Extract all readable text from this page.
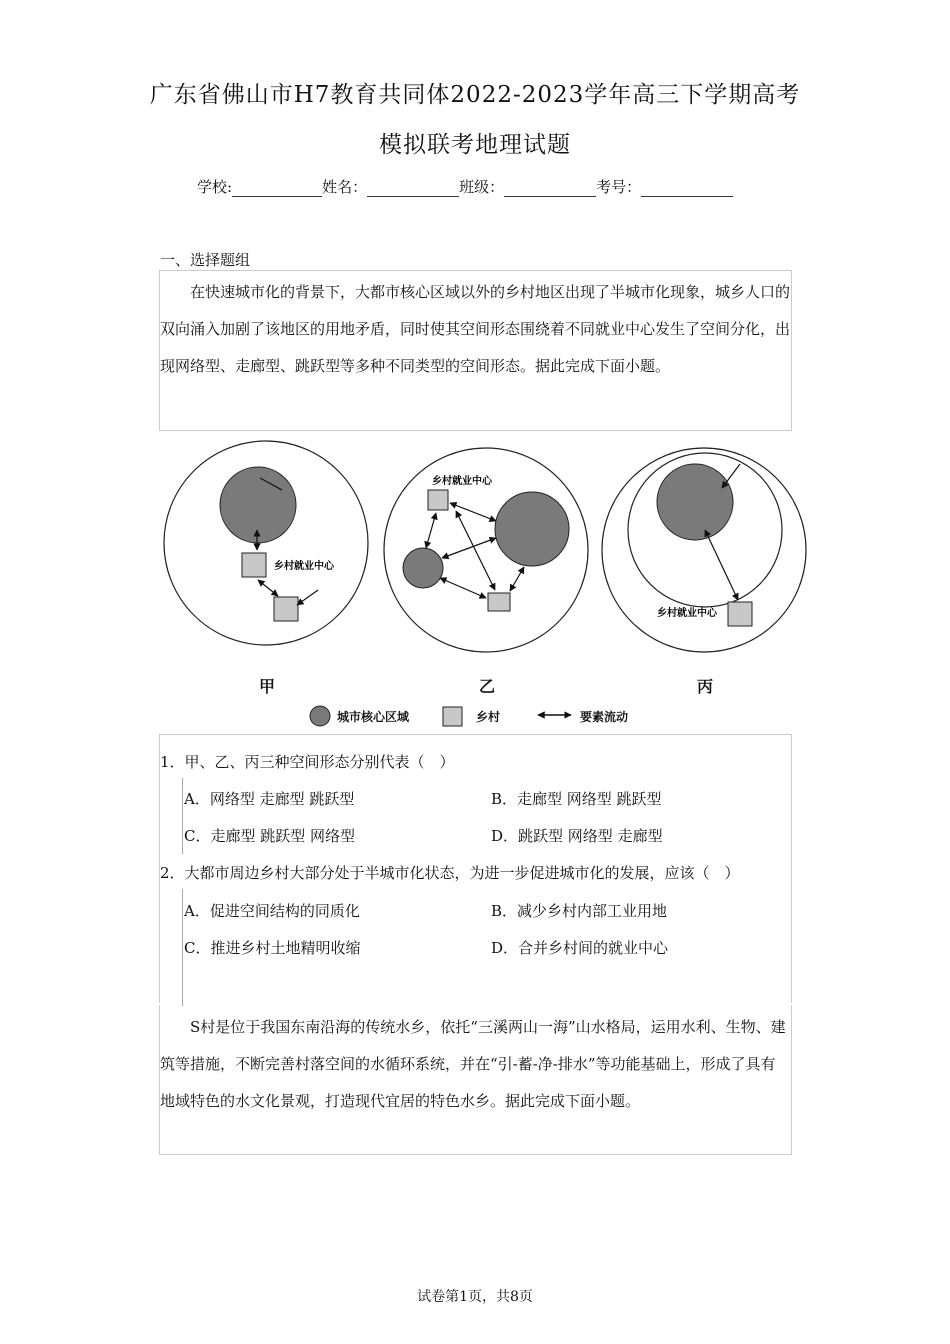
广东省佛山市H7教育共同体2022-2023学年高三下学期高考
模拟联考地理试题
学校:	姓名：	班级：	考号：
一、选择题组
在快速城市化的背景下，大都市核心区域以外的乡村地区出现了半城市化现象，城乡人口的双向涌入加剧了该地区的用地矛盾，同时使其空间形态围绕着不同就业中心发生了空间分化，出现网络型、走廊型、跳跃型等多种不同类型的空间形态。据此完成下面小题。
乡村就业中心
乡村就业中心
乡村就业中心
甲	乙	丙
城市核心区域	乡村	要素流动
1．甲、乙、丙三种空间形态分别代表（　）
A．网络型 走廊型 跳跃型	B．走廊型 网络型 跳跃型
C．走廊型 跳跃型 网络型	D．跳跃型 网络型 走廊型
2．大都市周边乡村大部分处于半城市化状态，为进一步促进城市化的发展，应该（　）
A．促进空间结构的同质化	B．减少乡村内部工业用地
C．推进乡村土地精明收缩	D．合并乡村间的就业中心
S村是位于我国东南沿海的传统水乡，依托“三溪两山一海”山水格局，运用水利、生物、建筑等措施，不断完善村落空间的水循环系统，并在“引-蓄-净-排水”等功能基础上，形成了具有地域特色的水文化景观，打造现代宜居的特色水乡。据此完成下面小题。
试卷第1页，共8页
